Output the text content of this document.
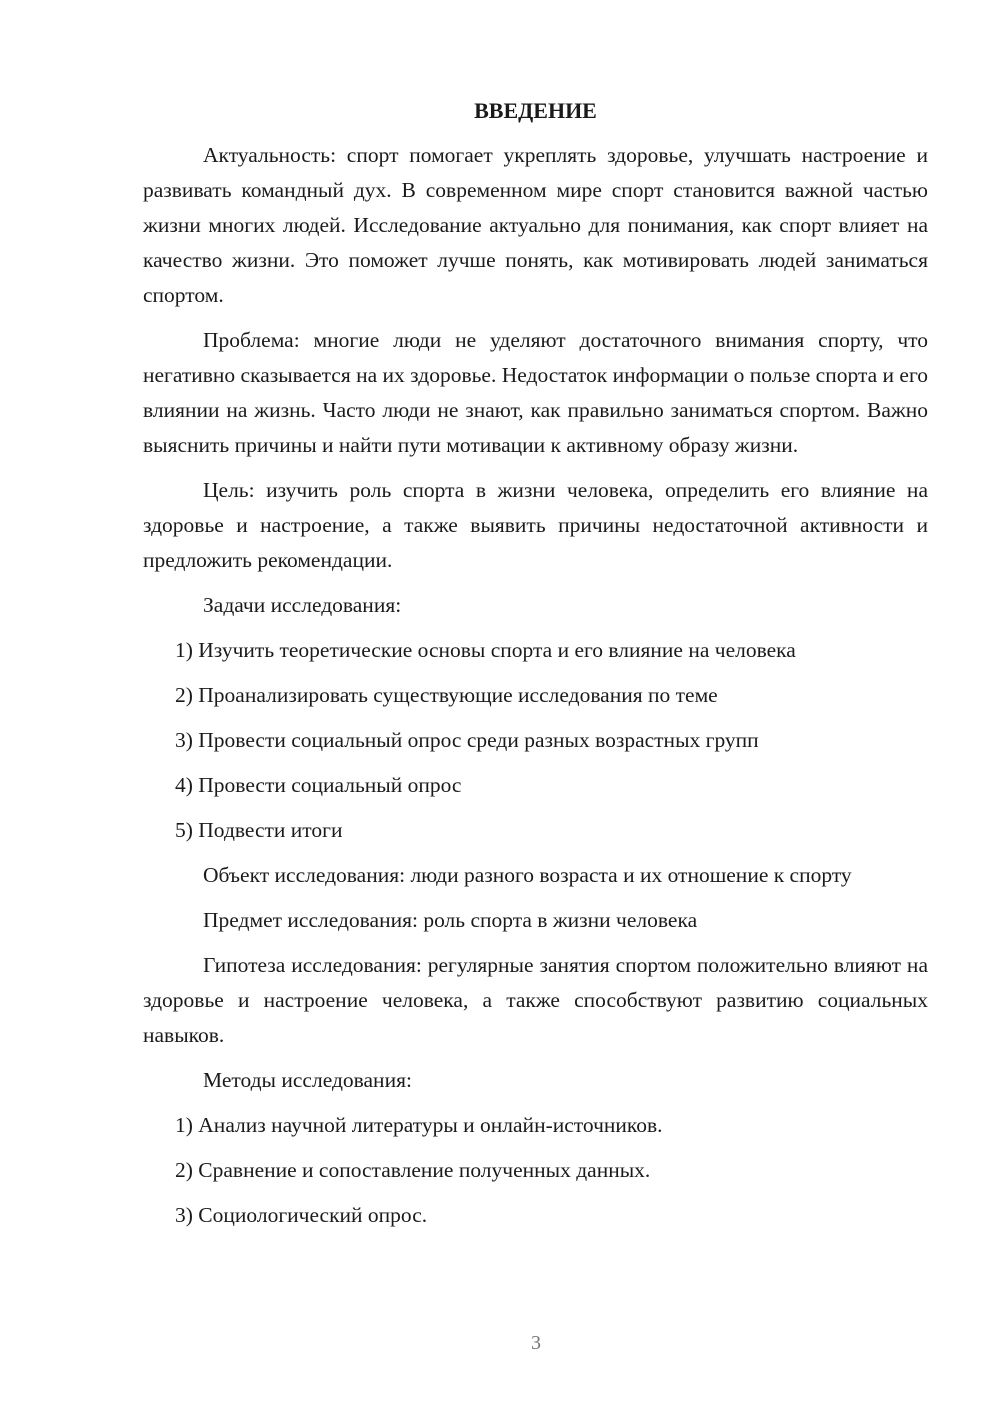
ВВЕДЕНИЕ

Актуальность: спорт помогает укреплять здоровье, улучшать настроение и развивать командный дух. В современном мире спорт становится важной частью жизни многих людей. Исследование актуально для понимания, как спорт влияет на качество жизни. Это поможет лучше понять, как мотивировать людей заниматься спортом.

Проблема: многие люди не уделяют достаточного внимания спорту, что негативно сказывается на их здоровье. Недостаток информации о пользе спорта и его влиянии на жизнь. Часто люди не знают, как правильно заниматься спортом. Важно выяснить причины и найти пути мотивации к активному образу жизни.

Цель: изучить роль спорта в жизни человека, определить его влияние на здоровье и настроение, а также выявить причины недостаточной активности и предложить рекомендации.

Задачи исследования:

1) Изучить теоретические основы спорта и его влияние на человека
2) Проанализировать существующие исследования по теме
3) Провести социальный опрос среди разных возрастных групп
4) Провести социальный опрос
5) Подвести итоги

Объект исследования: люди разного возраста и их отношение к спорту

Предмет исследования: роль спорта в жизни человека

Гипотеза исследования: регулярные занятия спортом положительно влияют на здоровье и настроение человека, а также способствуют развитию социальных навыков.

Методы исследования:

1) Анализ научной литературы и онлайн-источников.
2) Сравнение и сопоставление полученных данных.
3) Социологический опрос.
3
